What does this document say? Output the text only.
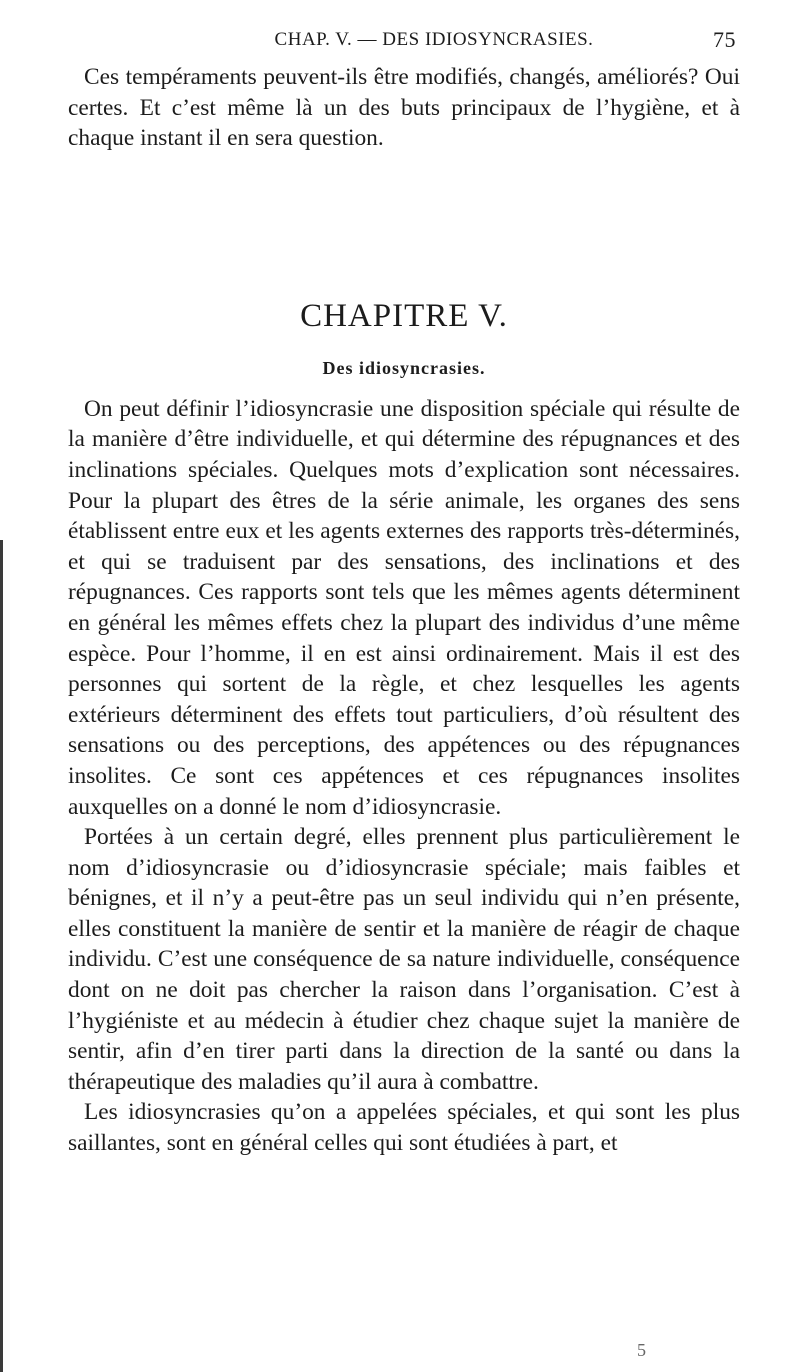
CHAP. V. — DES IDIOSYNCRASIES.	75

Ces tempéraments peuvent-ils être modifiés, changés, améliorés? Oui certes. Et c’est même là un des buts principaux de l’hygiène, et à chaque instant il en sera question.

CHAPITRE V.
Des idiosyncrasies.

On peut définir l’idiosyncrasie une disposition spéciale qui résulte de la manière d’être individuelle, et qui détermine des répugnances et des inclinations spéciales. Quelques mots d’explication sont nécessaires. Pour la plupart des êtres de la série animale, les organes des sens établissent entre eux et les agents externes des rapports très-déterminés, et qui se traduisent par des sensations, des inclinations et des répugnances. Ces rapports sont tels que les mêmes agents déterminent en général les mêmes effets chez la plupart des individus d’une même espèce. Pour l’homme, il en est ainsi ordinairement. Mais il est des personnes qui sortent de la règle, et chez lesquelles les agents extérieurs déterminent des effets tout particuliers, d’où résultent des sensations ou des perceptions, des appétences ou des répugnances insolites. Ce sont ces appétences et ces répugnances insolites auxquelles on a donné le nom d’idiosyncrasie.

Portées à un certain degré, elles prennent plus particulièrement le nom d’idiosyncrasie ou d’idiosyncrasie spéciale; mais faibles et bénignes, et il n’y a peut-être pas un seul individu qui n’en présente, elles constituent la manière de sentir et la manière de réagir de chaque individu. C’est une conséquence de sa nature individuelle, conséquence dont on ne doit pas chercher la raison dans l’organisation. C’est à l’hygiéniste et au médecin à étudier chez chaque sujet la manière de sentir, afin d’en tirer parti dans la direction de la santé ou dans la thérapeutique des maladies qu’il aura à combattre.

Les idiosyncrasies qu’on a appelées spéciales, et qui sont les plus saillantes, sont en général celles qui sont étudiées à part, et

5
